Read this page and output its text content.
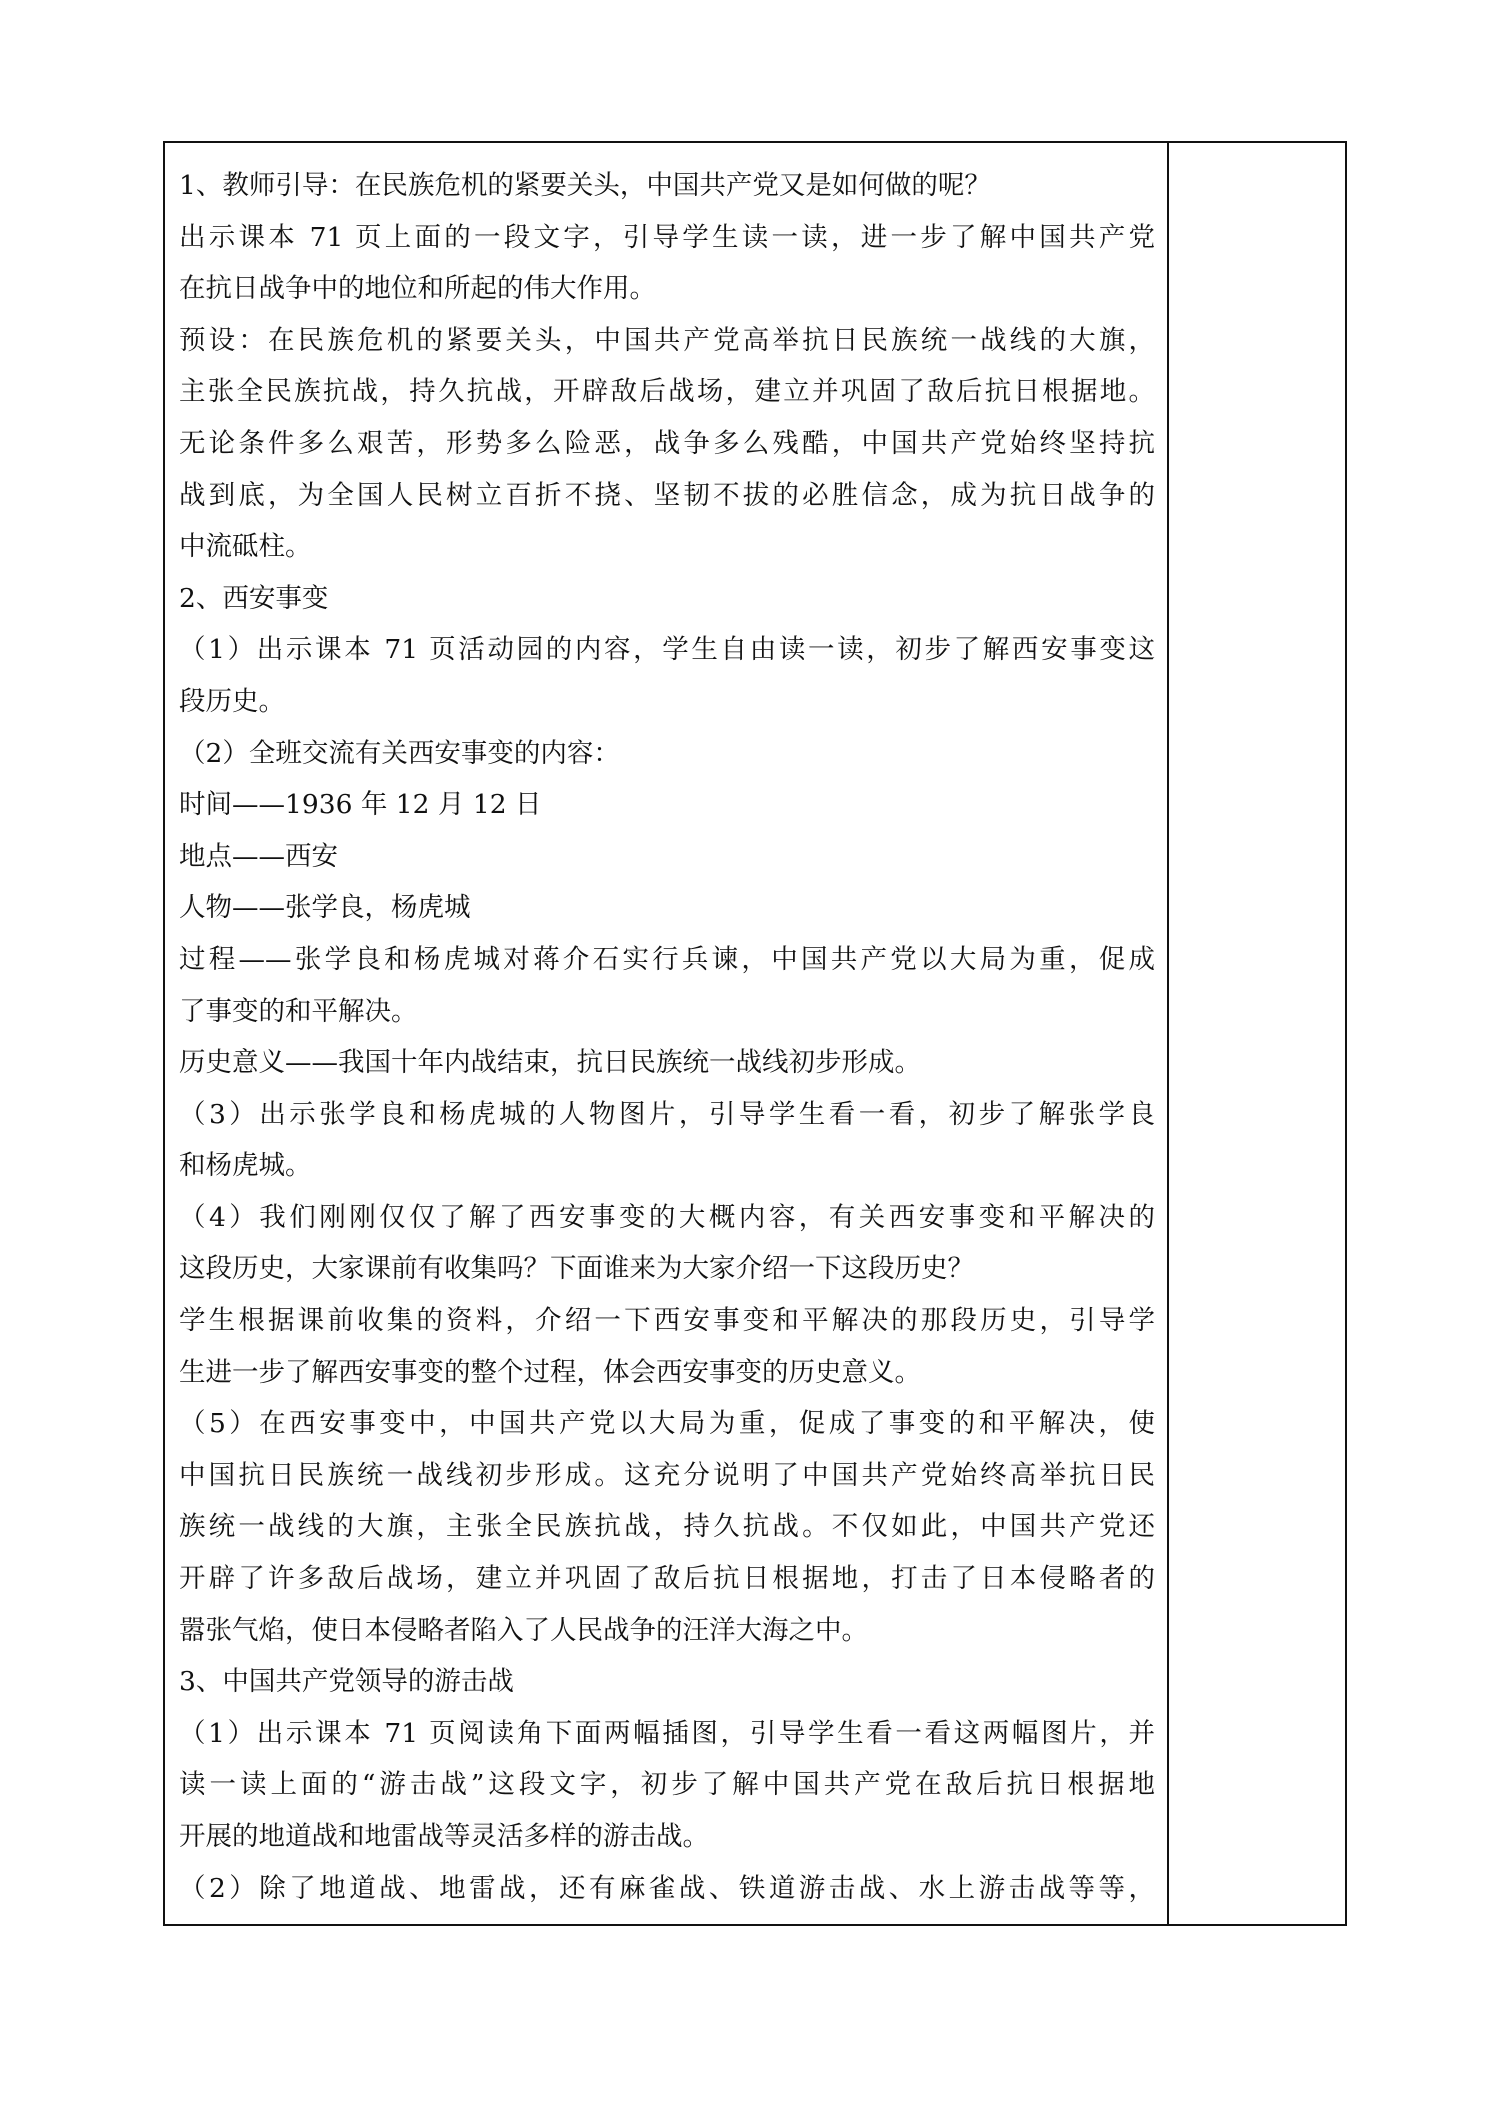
1、教师引导：在民族危机的紧要关头，中国共产党又是如何做的呢？
出示课本 71 页上面的一段文字，引导学生读一读，进一步了解中国共产党
在抗日战争中的地位和所起的伟大作用。
预设：在民族危机的紧要关头，中国共产党高举抗日民族统一战线的大旗，
主张全民族抗战，持久抗战，开辟敌后战场，建立并巩固了敌后抗日根据地。
无论条件多么艰苦，形势多么险恶，战争多么残酷，中国共产党始终坚持抗
战到底，为全国人民树立百折不挠、坚韧不拔的必胜信念，成为抗日战争的
中流砥柱。
2、西安事变
（1）出示课本 71 页活动园的内容，学生自由读一读，初步了解西安事变这
段历史。
（2）全班交流有关西安事变的内容：
时间——1936 年 12 月 12 日
地点——西安
人物——张学良，杨虎城
过程——张学良和杨虎城对蒋介石实行兵谏，中国共产党以大局为重，促成
了事变的和平解决。
历史意义——我国十年内战结束，抗日民族统一战线初步形成。
（3）出示张学良和杨虎城的人物图片，引导学生看一看，初步了解张学良
和杨虎城。
（4）我们刚刚仅仅了解了西安事变的大概内容，有关西安事变和平解决的
这段历史，大家课前有收集吗？下面谁来为大家介绍一下这段历史？
学生根据课前收集的资料，介绍一下西安事变和平解决的那段历史，引导学
生进一步了解西安事变的整个过程，体会西安事变的历史意义。
（5）在西安事变中，中国共产党以大局为重，促成了事变的和平解决，使
中国抗日民族统一战线初步形成。这充分说明了中国共产党始终高举抗日民
族统一战线的大旗，主张全民族抗战，持久抗战。不仅如此，中国共产党还
开辟了许多敌后战场，建立并巩固了敌后抗日根据地，打击了日本侵略者的
嚣张气焰，使日本侵略者陷入了人民战争的汪洋大海之中。
3、中国共产党领导的游击战
（1）出示课本 71 页阅读角下面两幅插图，引导学生看一看这两幅图片，并
读一读上面的“游击战”这段文字，初步了解中国共产党在敌后抗日根据地
开展的地道战和地雷战等灵活多样的游击战。
（2）除了地道战、地雷战，还有麻雀战、铁道游击战、水上游击战等等，
